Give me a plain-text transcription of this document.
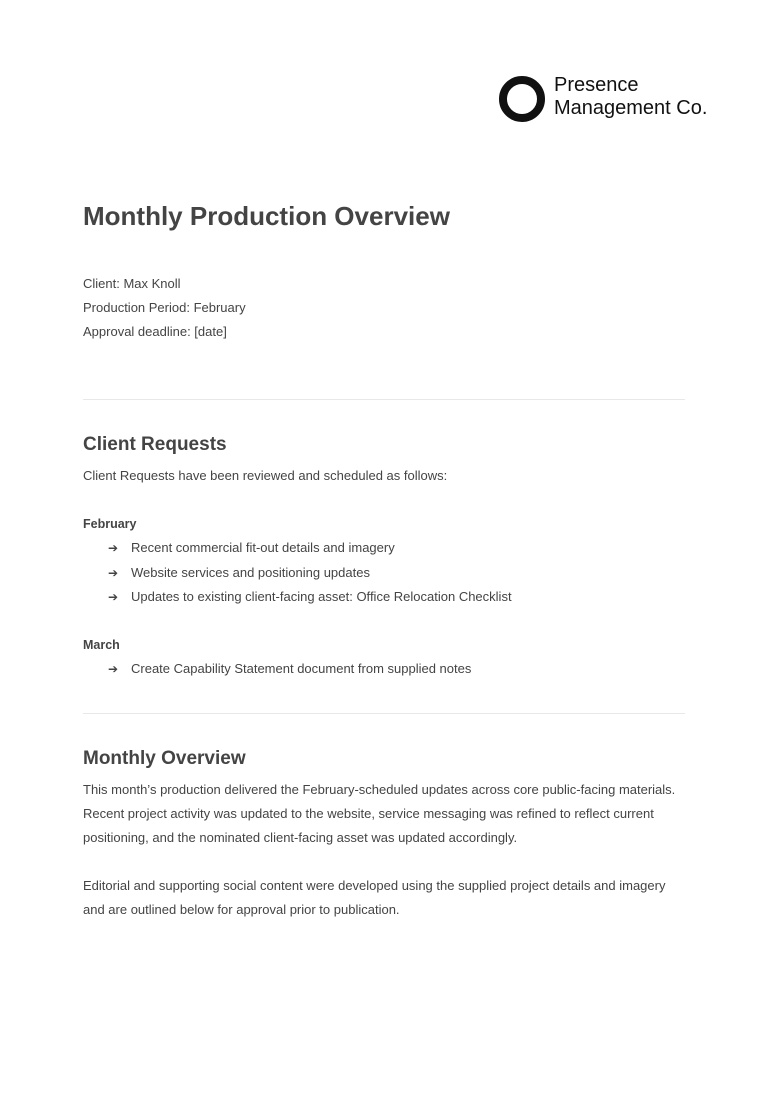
Presence
Management Co.
Monthly Production Overview
Client: Max Knoll
Production Period: February
Approval deadline: [date]
Client Requests

Client Requests have been reviewed and scheduled as follows:

February
➔ Recent commercial fit-out details and imagery
➔ Website services and positioning updates
➔ Updates to existing client-facing asset: Office Relocation Checklist
March
➔ Create Capability Statement document from supplied notes
Monthly Overview

This month’s production delivered the February-scheduled updates across core public-facing materials. Recent project activity was updated to the website, service messaging was refined to reflect current positioning, and the nominated client-facing asset was updated accordingly.

Editorial and supporting social content were developed using the supplied project details and imagery and are outlined below for approval prior to publication.
